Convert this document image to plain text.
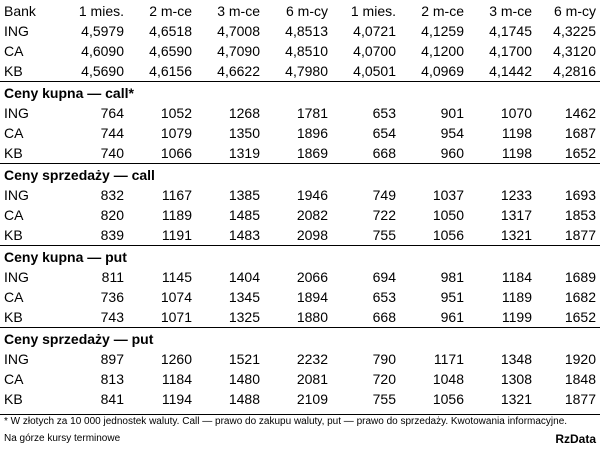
Bank	1 mies.	2 m-ce	3 m-ce	6 m-cy	1 mies.	2 m-ce	3 m-ce	6 m-cy
ING	4,5979	4,6518	4,7008	4,8513	4,0721	4,1259	4,1745	4,3225
CA	4,6090	4,6590	4,7090	4,8510	4,0700	4,1200	4,1700	4,3120
KB	4,5690	4,6156	4,6622	4,7980	4,0501	4,0969	4,1442	4,2816
Ceny kupna — call*								
ING	764	1052	1268	1781	653	901	1070	1462
CA	744	1079	1350	1896	654	954	1198	1687
KB	740	1066	1319	1869	668	960	1198	1652
Ceny sprzedaży — call								
ING	832	1167	1385	1946	749	1037	1233	1693
CA	820	1189	1485	2082	722	1050	1317	1853
KB	839	1191	1483	2098	755	1056	1321	1877
Ceny kupna — put								
ING	811	1145	1404	2066	694	981	1184	1689
CA	736	1074	1345	1894	653	951	1189	1682
KB	743	1071	1325	1880	668	961	1199	1652
Ceny sprzedaży — put								
ING	897	1260	1521	2232	790	1171	1348	1920
CA	813	1184	1480	2081	720	1048	1308	1848
KB	841	1194	1488	2109	755	1056	1321	1877
* W złotych za 10 000 jednostek waluty. Call — prawo do zakupu waluty, put — prawo do sprzedaży. Kwotowania informacyjne.
Na górze kursy terminowe	RzData
